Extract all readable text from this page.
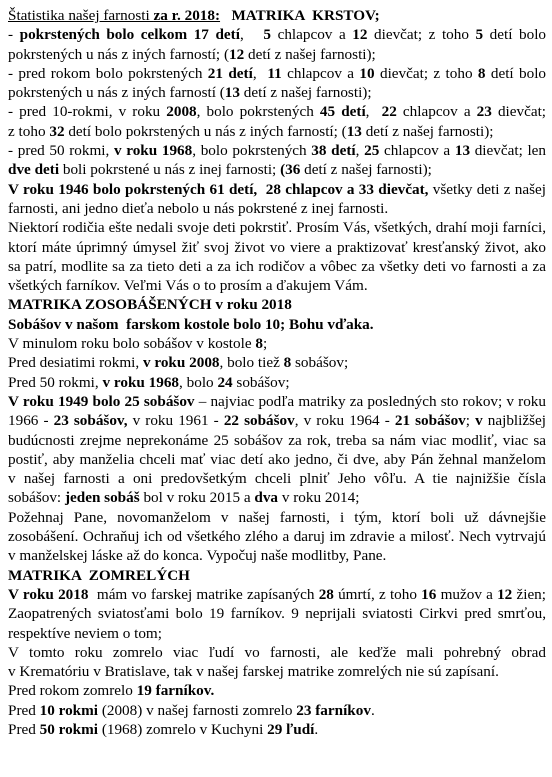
Štatistika našej farnosti za r. 2018:   MATRIKA  KRSTOV;
- pokrstených bolo celkom 17 detí,   5 chlapcov a 12 dievčat; z toho 5 detí bolo
pokrstených u nás z iných farností; (12 detí z našej farnosti);
- pred rokom bolo pokrstených 21 detí,  11 chlapcov a 10 dievčat; z toho 8 detí bolo
pokrstených u nás z iných farností (13 detí z našej farnosti);
- pred 10-rokmi, v roku 2008, bolo pokrstených 45 detí,  22 chlapcov a 23 dievčat;
z toho 32 detí bolo pokrstených u nás z iných farností; (13 detí z našej farnosti);
- pred 50 rokmi, v roku 1968, bolo pokrstených 38 detí, 25 chlapcov a 13 dievčat; len
dve deti boli pokrstené u nás z inej farnosti; (36 detí z našej farnosti);
V roku 1946 bolo pokrstených 61 detí,  28 chlapcov a 33 dievčat, všetky deti z našej
farnosti, ani jedno dieťa nebolo u nás pokrstené z inej farnosti.
Niektorí rodičia ešte nedali svoje deti pokrstiť. Prosím Vás, všetkých, drahí moji farníci,
ktorí máte úprimný úmysel žiť svoj život vo viere a praktizovať kresťanský život, ako
sa patrí, modlite sa za tieto deti a za ich rodičov a vôbec za všetky deti vo farnosti a za
všetkých farníkov. Veľmi Vás o to prosím a ďakujem Vám.
MATRIKA ZOSOBÁŠENÝCH v roku 2018
Sobášov v našom  farskom kostole bolo 10; Bohu vďaka.
V minulom roku bolo sobášov v kostole 8;
Pred desiatimi rokmi, v roku 2008, bolo tiež 8 sobášov;
Pred 50 rokmi, v roku 1968, bolo 24 sobášov;
V roku 1949 bolo 25 sobášov – najviac podľa matriky za posledných sto rokov; v roku
1966 - 23 sobášov, v roku 1961 - 22 sobášov, v roku 1964 - 21 sobášov; v najbližšej
budúcnosti zrejme neprekonáme 25 sobášov za rok, treba sa nám viac modliť, viac sa
postiť, aby manželia chceli mať viac detí ako jedno, či dve, aby Pán žehnal manželom
v našej farnosti a oni predovšetkým chceli plniť Jeho vôľu. A tie najnižšie čísla
sobášov: jeden sobáš bol v roku 2015 a dva v roku 2014;
Požehnaj Pane, novomanželom v našej farnosti, i tým, ktorí boli už dávnejšie
zosobášení. Ochraňuj ich od všetkého zlého a daruj im zdravie a milosť. Nech vytrvajú
v manželskej láske až do konca. Vypočuj naše modlitby, Pane.
MATRIKA  ZOMRELÝCH
V roku 2018  mám vo farskej matrike zapísaných 28 úmrtí, z toho 16 mužov a 12 žien;
Zaopatrených sviatosťami bolo 19 farníkov. 9 neprijali sviatosti Cirkvi pred smrťou,
respektíve neviem o tom;
V tomto roku zomrelo viac ľudí vo farnosti, ale keďže mali pohrebný obrad
v Krematóriu v Bratislave, tak v našej farskej matrike zomrelých nie sú zapísaní.
Pred rokom zomrelo 19 farníkov.
Pred 10 rokmi (2008) v našej farnosti zomrelo 23 farníkov.
Pred 50 rokmi (1968) zomrelo v Kuchyni 29 ľudí.
